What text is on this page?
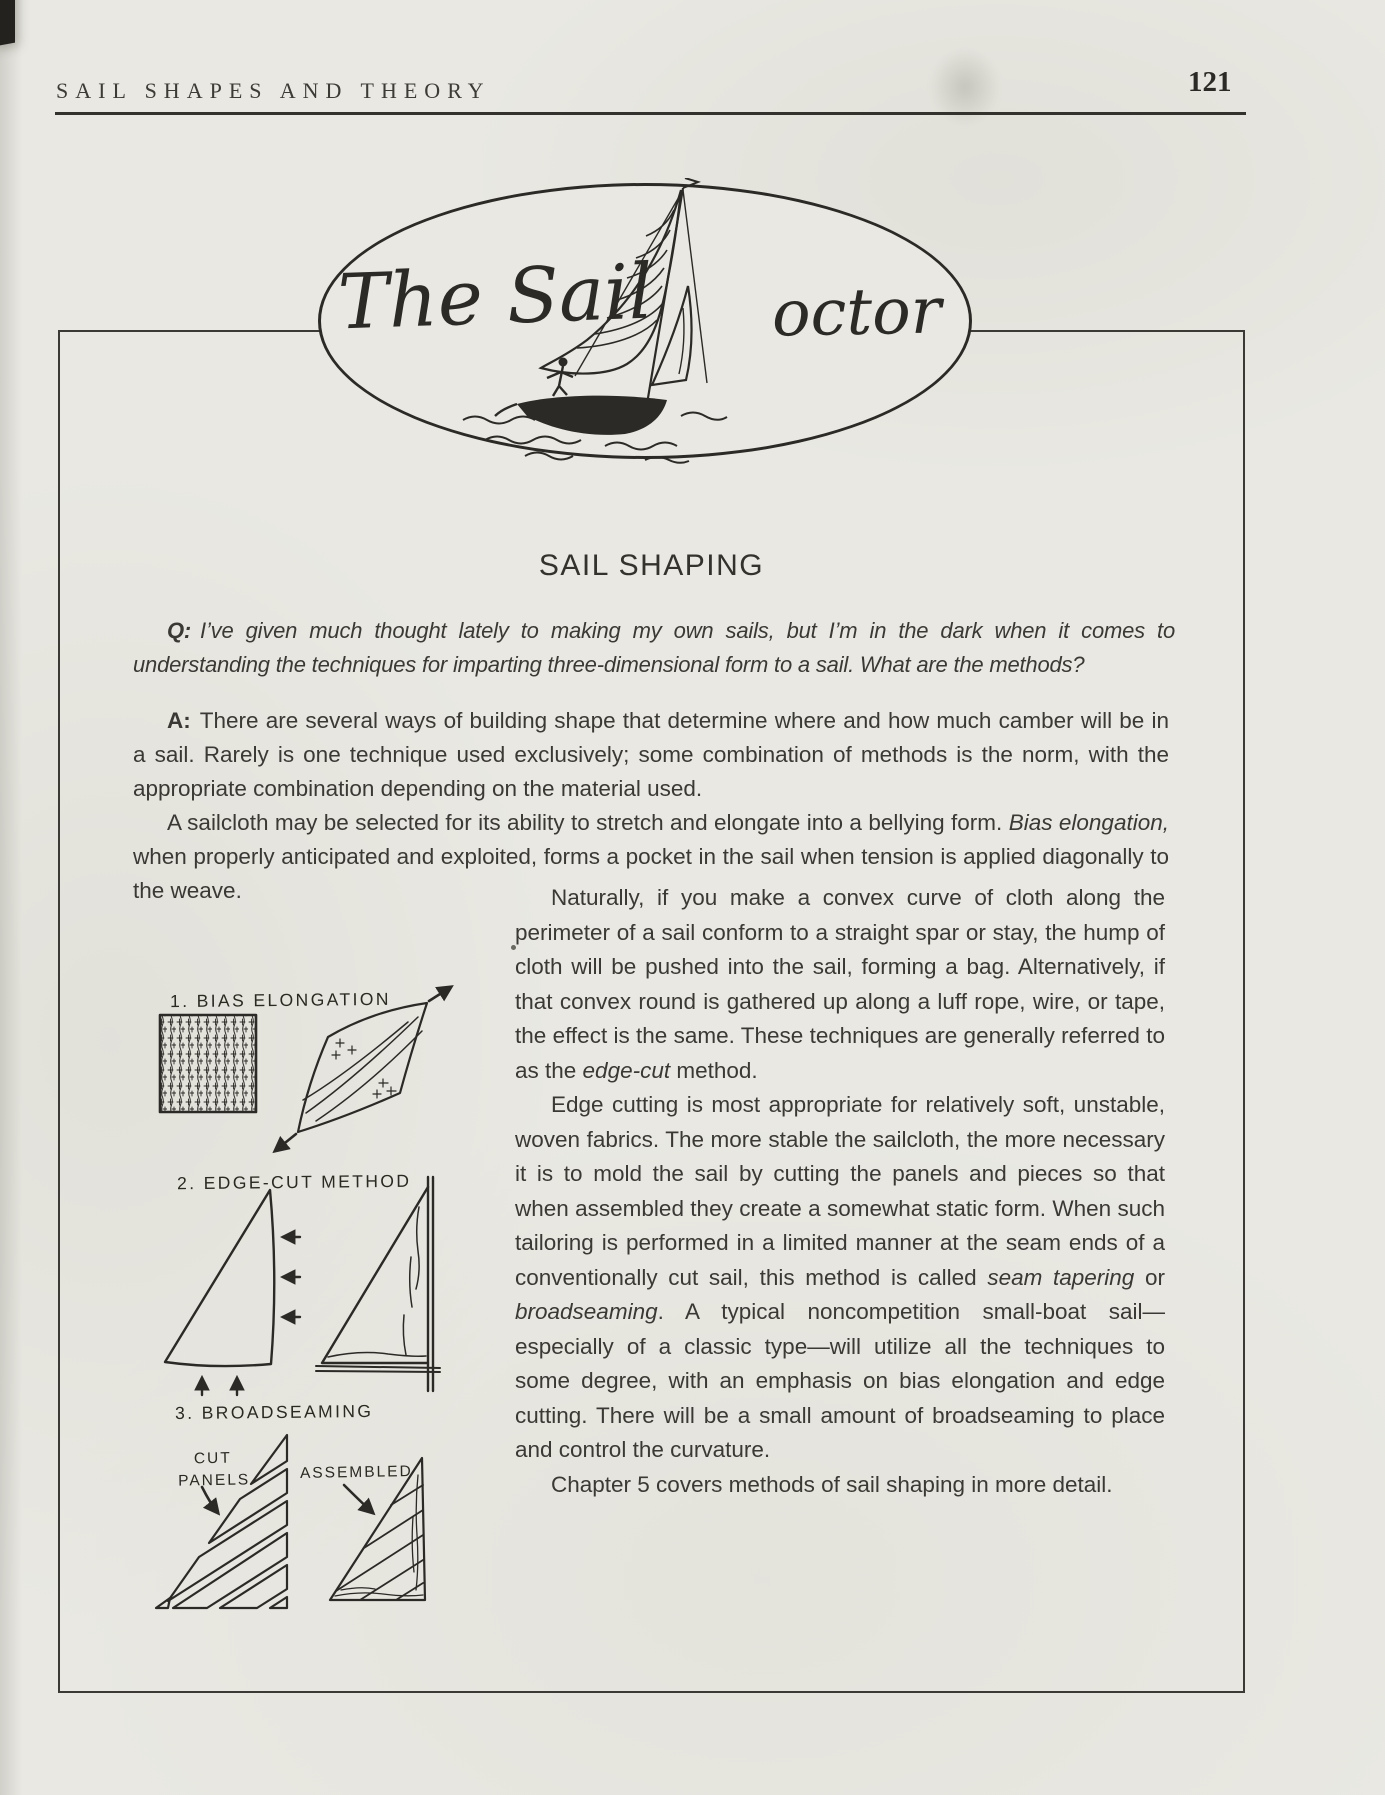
SAIL SHAPES AND THEORY	121
The Sail octor
SAIL SHAPING

Q: I’ve given much thought lately to making my own sails, but I’m in the dark when it comes to understanding the techniques for imparting three-dimensional form to a sail. What are the methods?

A: There are several ways of building shape that determine where and how much camber will be in a sail. Rarely is one technique used exclusively; some combination of methods is the norm, with the appropriate combination depending on the material used.

A sailcloth may be selected for its ability to stretch and elongate into a bellying form. Bias elongation, when properly anticipated and exploited, forms a pocket in the sail when tension is applied diagonally to the weave.	Naturally, if you make a convex curve of cloth along the perimeter of a sail conform to a straight spar or stay, the hump of cloth will be pushed into the sail, forming a bag. Alternatively, if that convex round is gathered up along a luff rope, wire, or tape, the effect is the same. These techniques are generally referred to as the edge-cut method.

Edge cutting is most appropriate for relatively soft, unstable, woven fabrics. The more stable the sailcloth, the more necessary it is to mold the sail by cutting the panels and pieces so that when assembled they create a somewhat static form. When such tailoring is performed in a limited manner at the seam ends of a conventionally cut sail, this method is called seam tapering or broadseaming. A typical noncompetition small-boat sail—especially of a classic type—will utilize all the techniques to some degree, with an emphasis on bias elongation and edge cutting. There will be a small amount of broadseaming to place and control the curvature.

Chapter 5 covers methods of sail shaping in more detail.

1. BIAS ELONGATION
2. EDGE-CUT METHOD
3. BROADSEAMING
CUT
PANELS	ASSEMBLED
